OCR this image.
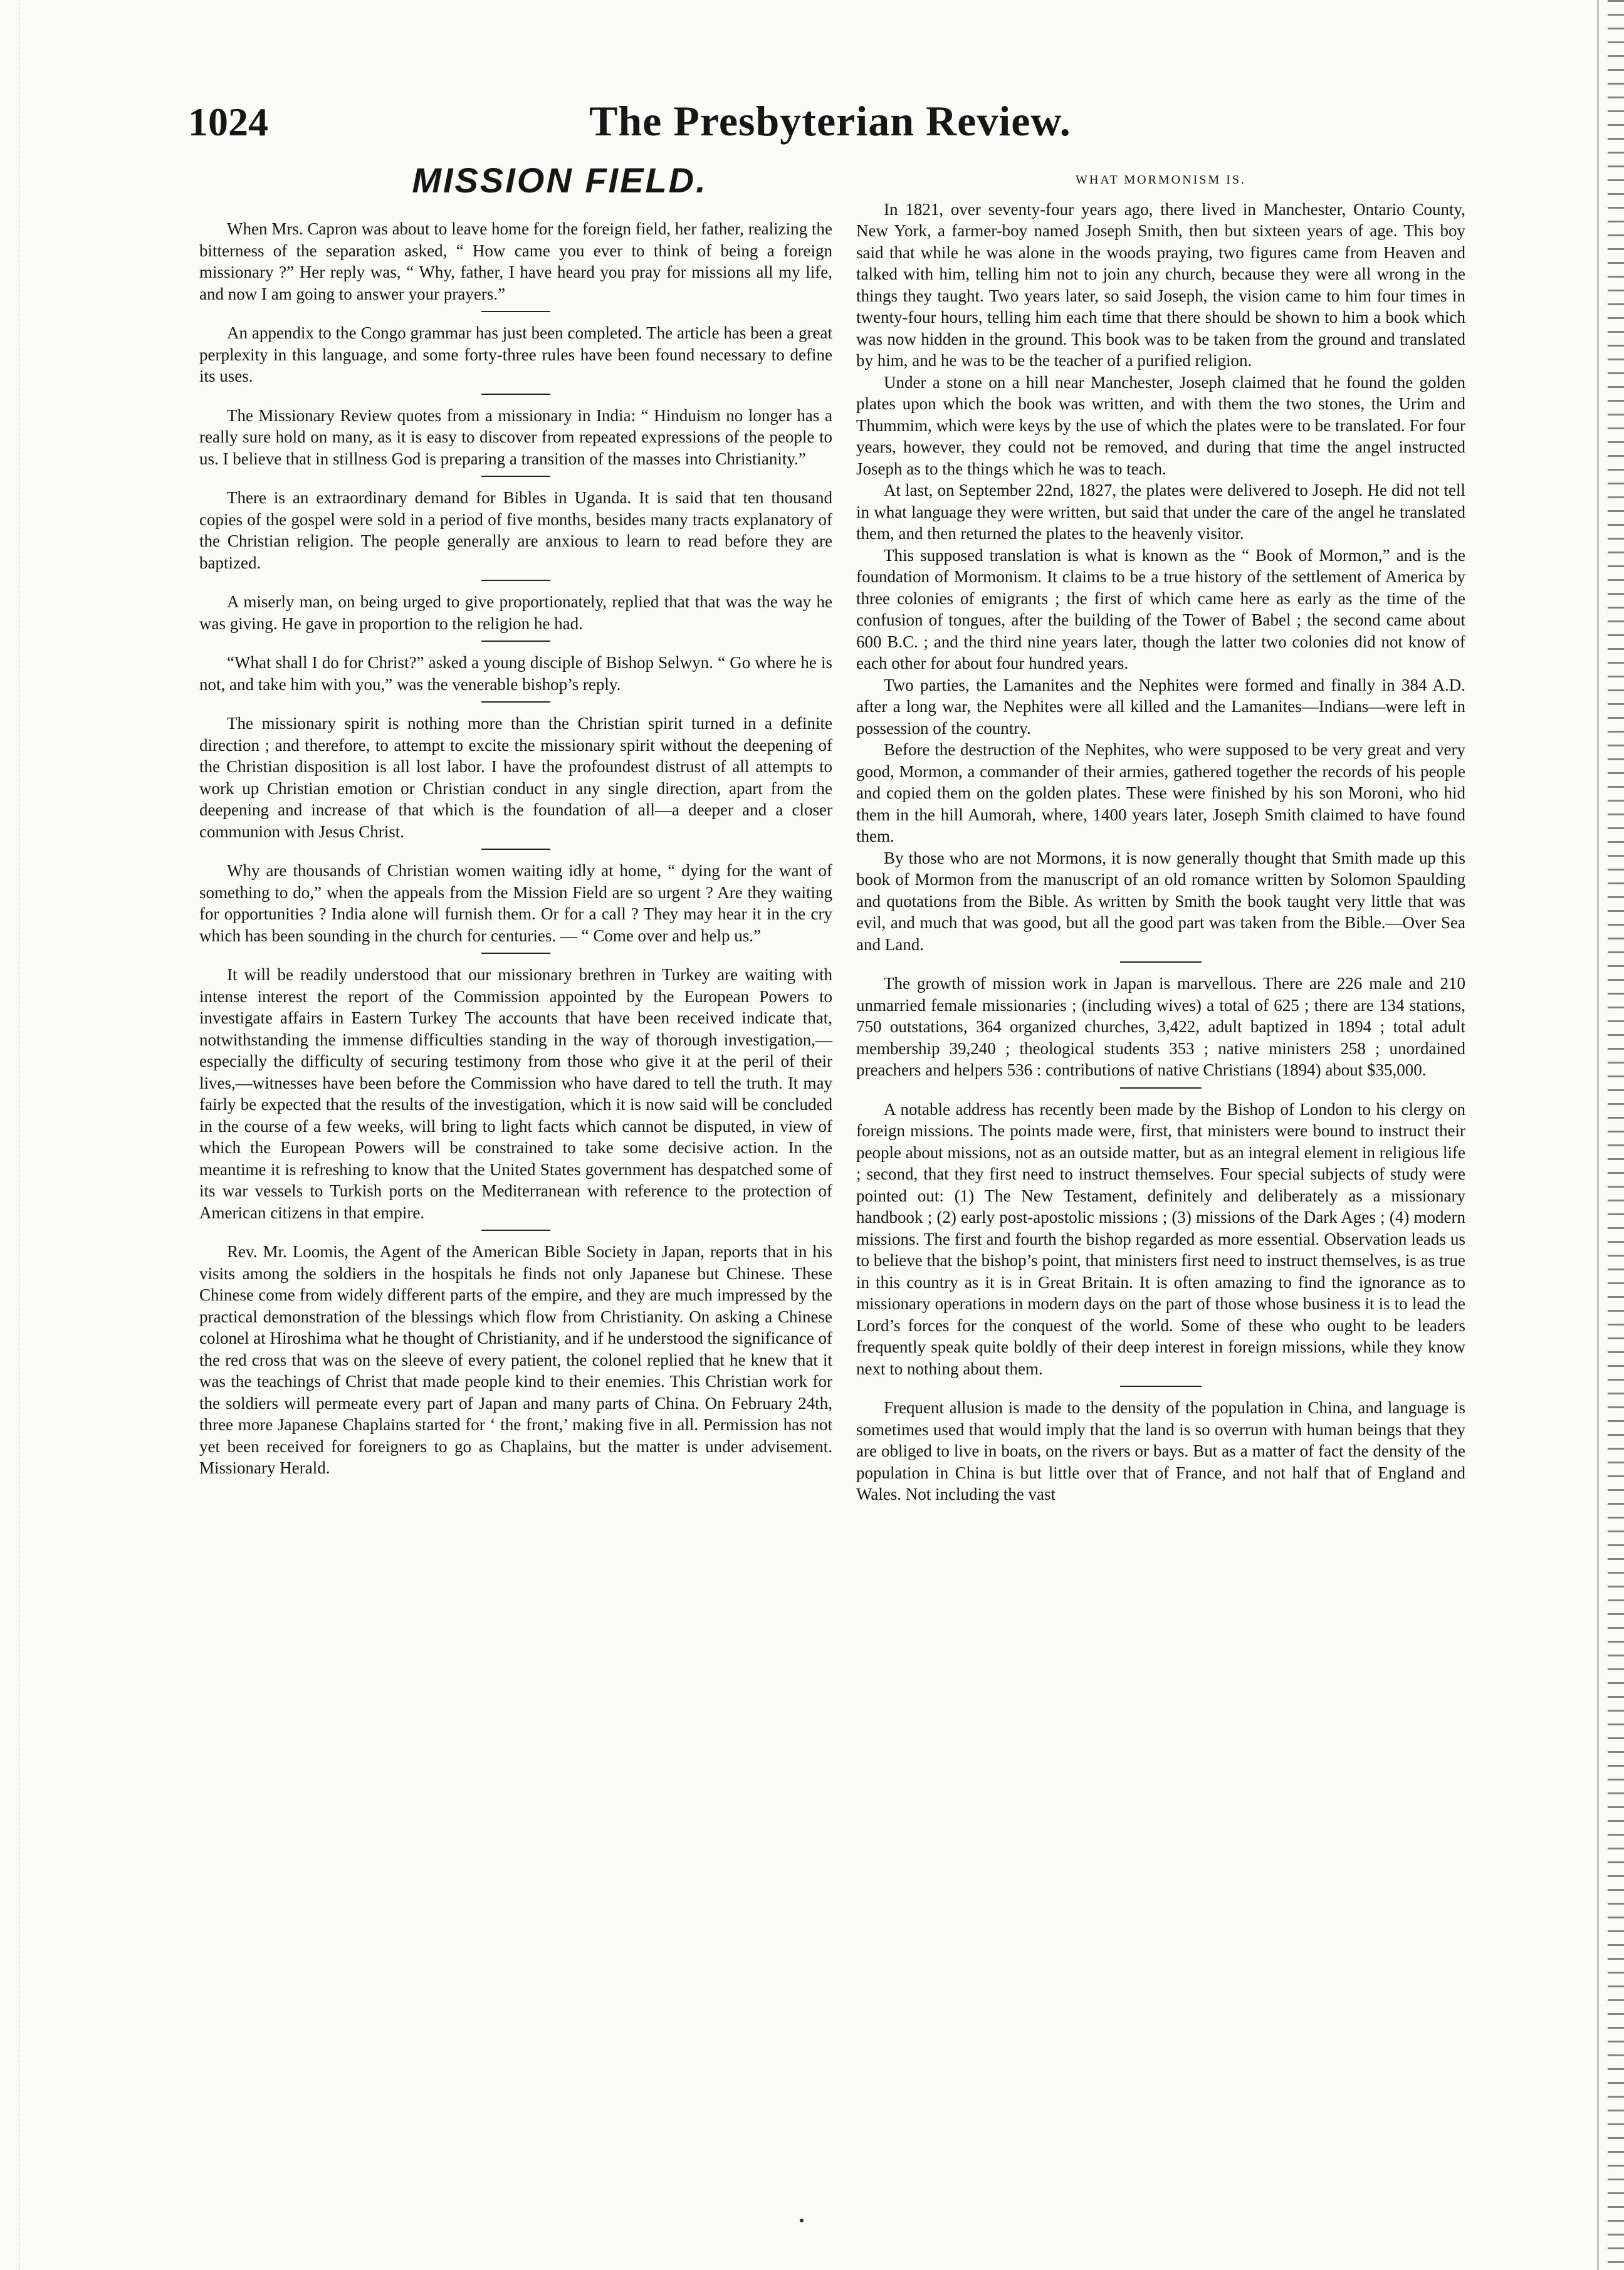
1024	The Presbyterian Review.
MISSION FIELD.

When Mrs. Capron was about to leave home for the foreign field, her father, realizing the bitterness of the separation asked, “ How came you ever to think of being a foreign missionary ?” Her reply was, “ Why, father, I have heard you pray for missions all my life, and now I am going to answer your prayers.”

An appendix to the Congo grammar has just been completed. The article has been a great perplexity in this language, and some forty-three rules have been found necessary to define its uses.

The Missionary Review quotes from a missionary in India: “ Hinduism no longer has a really sure hold on many, as it is easy to discover from repeated expressions of the people to us. I believe that in stillness God is preparing a transition of the masses into Christianity.”

There is an extraordinary demand for Bibles in Uganda. It is said that ten thousand copies of the gospel were sold in a period of five months, besides many tracts explanatory of the Christian religion. The people generally are anxious to learn to read before they are baptized.

A miserly man, on being urged to give proportionately, replied that that was the way he was giving. He gave in proportion to the religion he had.

“What shall I do for Christ?” asked a young disciple of Bishop Selwyn. “ Go where he is not, and take him with you,” was the venerable bishop’s reply.

The missionary spirit is nothing more than the Christian spirit turned in a definite direction ; and therefore, to attempt to excite the missionary spirit without the deepening of the Christian disposition is all lost labor. I have the profoundest distrust of all attempts to work up Christian emotion or Christian conduct in any single direction, apart from the deepening and increase of that which is the foundation of all—a deeper and a closer communion with Jesus Christ.

Why are thousands of Christian women waiting idly at home, “ dying for the want of something to do,” when the appeals from the Mission Field are so urgent ? Are they waiting for opportunities ? India alone will furnish them. Or for a call ? They may hear it in the cry which has been sounding in the church for centuries. — “ Come over and help us.”

It will be readily understood that our missionary brethren in Turkey are waiting with intense interest the report of the Commission appointed by the European Powers to investigate affairs in Eastern Turkey The accounts that have been received indicate that, notwithstanding the immense difficulties standing in the way of thorough investigation,—especially the difficulty of securing testimony from those who give it at the peril of their lives,—witnesses have been before the Commission who have dared to tell the truth. It may fairly be expected that the results of the investigation, which it is now said will be concluded in the course of a few weeks, will bring to light facts which cannot be disputed, in view of which the European Powers will be constrained to take some decisive action. In the meantime it is refreshing to know that the United States government has despatched some of its war vessels to Turkish ports on the Mediterranean with reference to the protection of American citizens in that empire.

Rev. Mr. Loomis, the Agent of the American Bible Society in Japan, reports that in his visits among the soldiers in the hospitals he finds not only Japanese but Chinese. These Chinese come from widely different parts of the empire, and they are much impressed by the practical demonstration of the blessings which flow from Christianity. On asking a Chinese colonel at Hiroshima what he thought of Christianity, and if he understood the significance of the red cross that was on the sleeve of every patient, the colonel replied that he knew that it was the teachings of Christ that made people kind to their enemies. This Christian work for the soldiers will permeate every part of Japan and many parts of China. On February 24th, three more Japanese Chaplains started for ‘ the front,’ making five in all. Permission has not yet been received for foreigners to go as Chaplains, but the matter is under advisement. Missionary Herald.

WHAT MORMONISM IS.

In 1821, over seventy-four years ago, there lived in Manchester, Ontario County, New York, a farmer-boy named Joseph Smith, then but sixteen years of age. This boy said that while he was alone in the woods praying, two figures came from Heaven and talked with him, telling him not to join any church, because they were all wrong in the things they taught. Two years later, so said Joseph, the vision came to him four times in twenty-four hours, telling him each time that there should be shown to him a book which was now hidden in the ground. This book was to be taken from the ground and translated by him, and he was to be the teacher of a purified religion.

Under a stone on a hill near Manchester, Joseph claimed that he found the golden plates upon which the book was written, and with them the two stones, the Urim and Thummim, which were keys by the use of which the plates were to be translated. For four years, however, they could not be removed, and during that time the angel instructed Joseph as to the things which he was to teach.

At last, on September 22nd, 1827, the plates were delivered to Joseph. He did not tell in what language they were written, but said that under the care of the angel he translated them, and then returned the plates to the heavenly visitor.

This supposed translation is what is known as the “ Book of Mormon,” and is the foundation of Mormonism. It claims to be a true history of the settlement of America by three colonies of emigrants ; the first of which came here as early as the time of the confusion of tongues, after the building of the Tower of Babel ; the second came about 600 B.C. ; and the third nine years later, though the latter two colonies did not know of each other for about four hundred years.

Two parties, the Lamanites and the Nephites were formed and finally in 384 A.D. after a long war, the Nephites were all killed and the Lamanites—Indians—were left in possession of the country.

Before the destruction of the Nephites, who were supposed to be very great and very good, Mormon, a commander of their armies, gathered together the records of his people and copied them on the golden plates. These were finished by his son Moroni, who hid them in the hill Aumorah, where, 1400 years later, Joseph Smith claimed to have found them.

By those who are not Mormons, it is now generally thought that Smith made up this book of Mormon from the manuscript of an old romance written by Solomon Spaulding and quotations from the Bible. As written by Smith the book taught very little that was evil, and much that was good, but all the good part was taken from the Bible.—Over Sea and Land.

The growth of mission work in Japan is marvellous. There are 226 male and 210 unmarried female missionaries ; (including wives) a total of 625 ; there are 134 stations, 750 outstations, 364 organized churches, 3,422, adult baptized in 1894 ; total adult membership 39,240 ; theological students 353 ; native ministers 258 ; unordained preachers and helpers 536 : contributions of native Christians (1894) about $35,000.

A notable address has recently been made by the Bishop of London to his clergy on foreign missions. The points made were, first, that ministers were bound to instruct their people about missions, not as an outside matter, but as an integral element in religious life ; second, that they first need to instruct themselves. Four special subjects of study were pointed out: (1) The New Testament, definitely and deliberately as a missionary handbook ; (2) early post-apostolic missions ; (3) missions of the Dark Ages ; (4) modern missions. The first and fourth the bishop regarded as more essential. Observation leads us to believe that the bishop’s point, that ministers first need to instruct themselves, is as true in this country as it is in Great Britain. It is often amazing to find the ignorance as to missionary operations in modern days on the part of those whose business it is to lead the Lord’s forces for the conquest of the world. Some of these who ought to be leaders frequently speak quite boldly of their deep interest in foreign missions, while they know next to nothing about them.

Frequent allusion is made to the density of the population in China, and language is sometimes used that would imply that the land is so overrun with human beings that they are obliged to live in boats, on the rivers or bays. But as a matter of fact the density of the population in China is but little over that of France, and not half that of England and Wales. Not including the vast
